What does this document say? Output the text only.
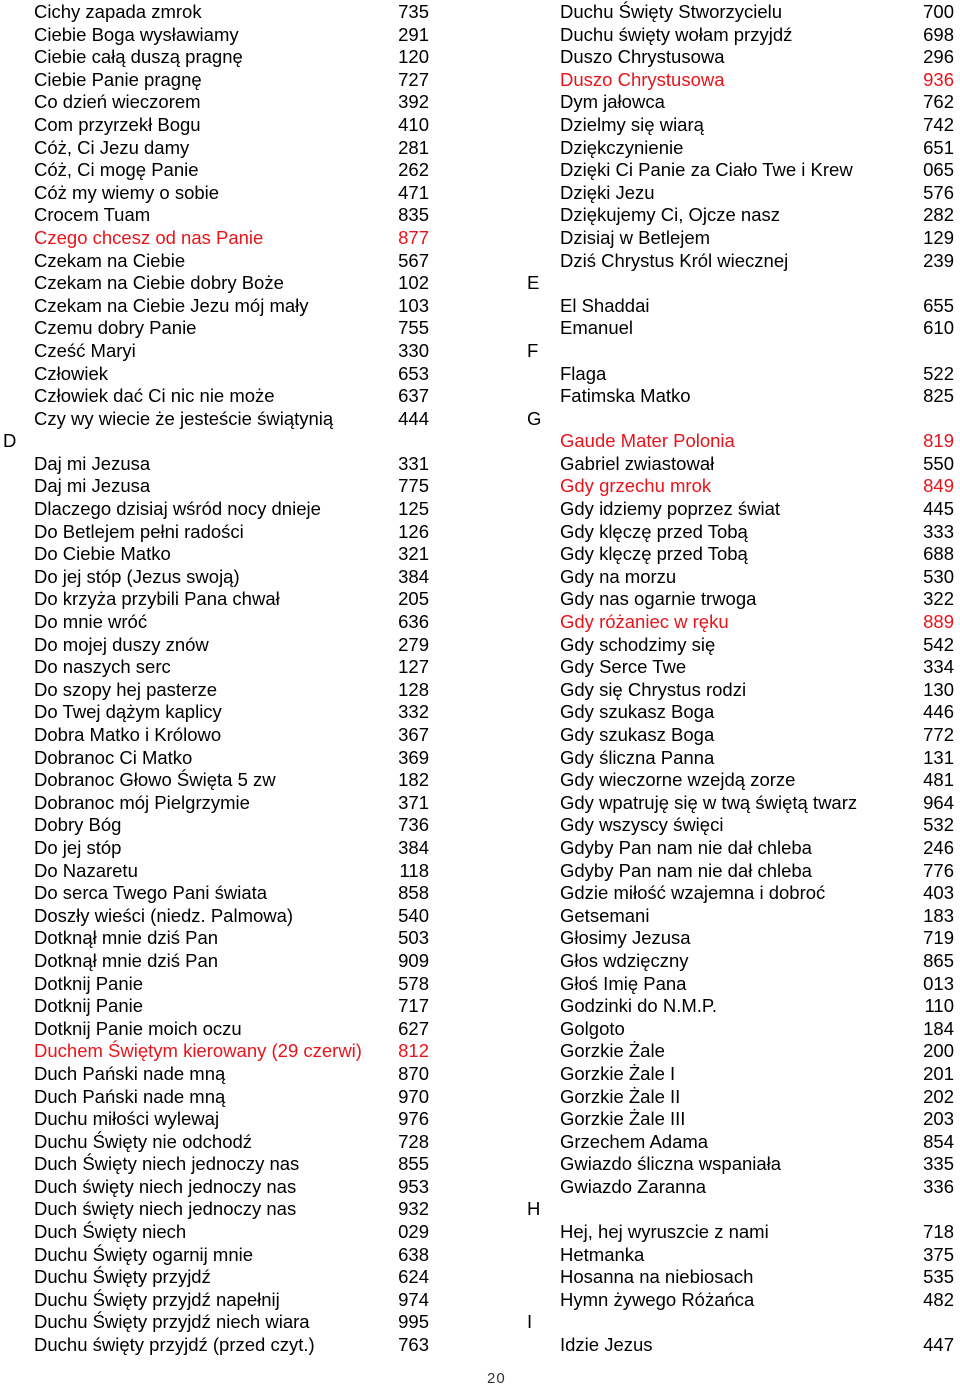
Cichy zapada zmrok	735
Ciebie Boga wysławiamy	291
Ciebie całą duszą pragnę	120
Ciebie Panie pragnę	727
Co dzień wieczorem	392
Com przyrzekł Bogu	410
Cóż, Ci Jezu damy	281
Cóż, Ci mogę Panie	262
Cóż my wiemy o sobie	471
Crocem Tuam	835
Czego chcesz od nas Panie	877
Czekam na Ciebie	567
Czekam na Ciebie dobry Boże	102
Czekam na Ciebie Jezu mój mały	103
Czemu dobry Panie	755
Cześć Maryi	330
Człowiek	653
Człowiek dać Ci nic nie może	637
Czy wy wiecie że jesteście świątynią	444
D
Daj mi Jezusa	331
Daj mi Jezusa	775
Dlaczego dzisiaj wśród nocy dnieje	125
Do Betlejem pełni radości	126
Do Ciebie Matko	321
Do jej stóp (Jezus swoją)	384
Do krzyża przybili Pana chwał	205
Do mnie wróć	636
Do mojej duszy znów	279
Do naszych serc	127
Do szopy hej pasterze	128
Do Twej dążym kaplicy	332
Dobra Matko i Królowo	367
Dobranoc Ci Matko	369
Dobranoc Głowo Święta 5 zw	182
Dobranoc mój Pielgrzymie	371
Dobry Bóg	736
Do jej stóp	384
Do Nazaretu	118
Do serca Twego Pani świata	858
Doszły wieści (niedz. Palmowa)	540
Dotknął mnie dziś Pan	503
Dotknął mnie dziś Pan	909
Dotknij Panie	578
Dotknij Panie	717
Dotknij Panie moich oczu	627
Duchem Świętym kierowany (29 czerwi) 812
Duch Pański nade mną	870
Duch Pański nade mną	970
Duchu miłości wylewaj	976
Duchu Święty nie odchodź	728
Duch Święty niech jednoczy nas	855
Duch święty niech jednoczy nas	953
Duch święty niech jednoczy nas	932
Duch Święty niech	029
Duchu Święty ogarnij mnie	638
Duchu Święty przyjdź	624
Duchu Święty przyjdź napełnij	974
Duchu Święty przyjdź niech wiara	995
Duchu święty przyjdź (przed czyt.)	763
Duchu Święty Stworzycielu	700
Duchu święty wołam przyjdź	698
Duszo Chrystusowa	296
Duszo Chrystusowa	936
Dym jałowca	762
Dzielmy się wiarą	742
Dziękczynienie	651
Dzięki Ci Panie za Ciało Twe i Krew	065
Dzięki Jezu	576
Dziękujemy Ci, Ojcze nasz	282
Dzisiaj w Betlejem	129
Dziś Chrystus Król wiecznej	239
E
El Shaddai	655
Emanuel	610
F
Flaga	522
Fatimska Matko	825
G
Gaude Mater Polonia	819
Gabriel zwiastował	550
Gdy grzechu mrok	849
Gdy idziemy poprzez świat	445
Gdy klęczę przed Tobą	333
Gdy klęczę przed Tobą	688
Gdy na morzu	530
Gdy nas ogarnie trwoga	322
Gdy różaniec w ręku	889
Gdy schodzimy się	542
Gdy Serce Twe	334
Gdy się Chrystus rodzi	130
Gdy szukasz Boga	446
Gdy szukasz Boga	772
Gdy śliczna Panna	131
Gdy wieczorne wzejdą zorze	481
Gdy wpatruję się w twą świętą twarz	964
Gdy wszyscy święci	532
Gdyby Pan nam nie dał chleba	246
Gdyby Pan nam nie dał chleba	776
Gdzie miłość wzajemna i dobroć	403
Getsemani	183
Głosimy Jezusa	719
Głos wdzięczny	865
Głoś Imię Pana	013
Godzinki do N.M.P.	110
Golgoto	184
Gorzkie Żale	200
Gorzkie Żale I	201
Gorzkie Żale II	202
Gorzkie Żale III	203
Grzechem Adama	854
Gwiazdo śliczna wspaniała	335
Gwiazdo Zaranna	336
H
Hej, hej wyruszcie z nami	718
Hetmanka	375
Hosanna na niebiosach	535
Hymn żywego Różańca	482
I
Idzie Jezus	447
20
